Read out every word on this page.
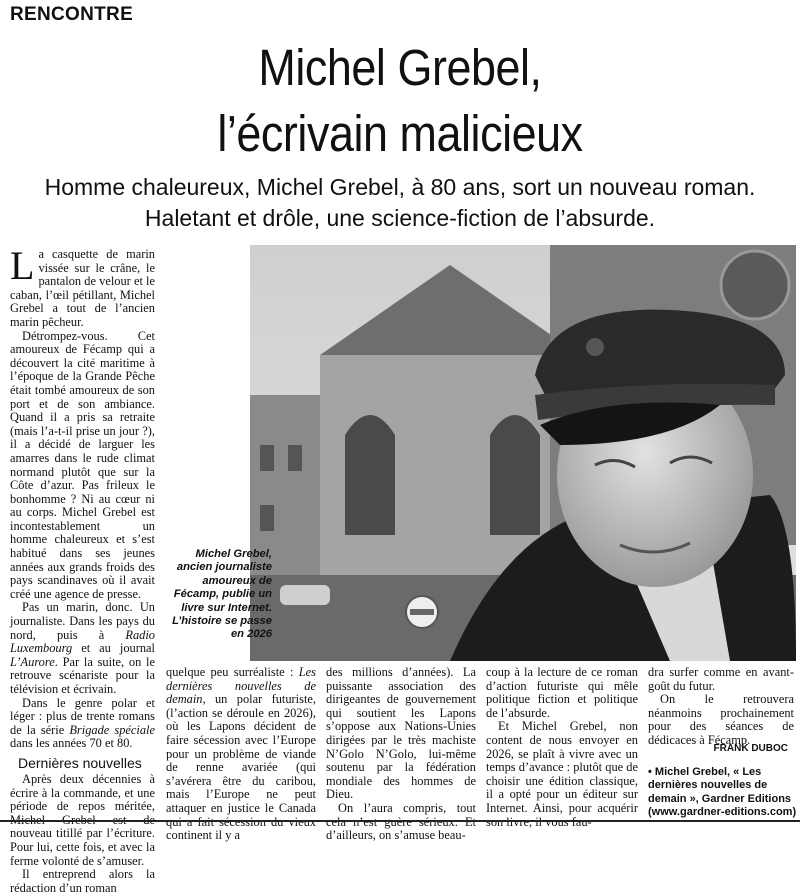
RENCONTRE
Michel Grebel,
l’écrivain malicieux
Homme chaleureux, Michel Grebel, à 80 ans, sort un nouveau roman.
Haletant et drôle, une science-fiction de l’absurde.

La casquette de marin vissée sur le crâne, le pantalon de velour et le caban, l’œil pétillant, Michel Grebel a tout de l’ancien marin pêcheur.

Détrompez-vous. Cet amoureux de Fécamp qui a découvert la cité maritime à l’époque de la Grande Pêche était tombé amoureux de son port et de son ambiance. Quand il a pris sa retraite (mais l’a-t-il prise un jour ?), il a décidé de larguer les amarres dans le rude climat normand plutôt que sur la Côte d’azur. Pas frileux le bonhomme ? Ni au cœur ni au corps. Michel Grebel est incontestablement un homme chaleureux et s’est habitué dans ses jeunes années aux grands froids des pays scandinaves où il avait créé une agence de presse.

Pas un marin, donc. Un journaliste. Dans les pays du nord, puis à Radio Luxembourg et au journal L’Aurore. Par la suite, on le retrouve scénariste pour la télévision et écrivain.

Dans le genre polar et léger : plus de trente romans de la série Brigade spéciale dans les années 70 et 80.

Dernières nouvelles

Après deux décennies à écrire à la commande, et une période de repos méritée, nouveau titillé par l’écriture. Pour lui, cette fois, et avec la ferme volonté de s’amuser.

Il entreprend alors la rédaction d’un roman

Michel Grebel, ancien journaliste amoureux de Fécamp, publie un livre sur Internet. L’histoire se passe en 2026

quelque peu surréaliste : Les dernières nouvelles de demain, un polar futuriste, (l’action se déroule en 2026), où les Lapons décident de faire sécession avec l’Europe pour un problème de viande de renne avariée (qui s’avérera être du caribou, mais l’Europe ne peut attaquer en justice le Canada continent il y a

des millions d’années). La puissante association des dirigeantes de gouvernement qui soutient les Lapons s’oppose aux Nations-Unies dirigées par le très machiste N’Golo N’Golo, lui-même soutenu par la fédération mondiale des hommes de Dieu.

On l’aura compris, tout d’ailleurs, on s’amuse beau-

coup à la lecture de ce roman d’action futuriste qui mêle politique fiction et politique de l’absurde.

Et Michel Grebel, non content de nous envoyer en 2026, se plaît à vivre avec un temps d’avance : plutôt que de choisir une édition classique, il a opté pour un éditeur sur Internet. Ainsi, pour acquérir

dra surfer comme en avant-goût du futur.

On le retrouvera néanmoins prochainement pour des séances de dédicaces à Fécamp.

FRANK DUBOC
• Michel Grebel, « Les dernières nouvelles de demain », Gardner Editions (www.gardner-editions.com)
